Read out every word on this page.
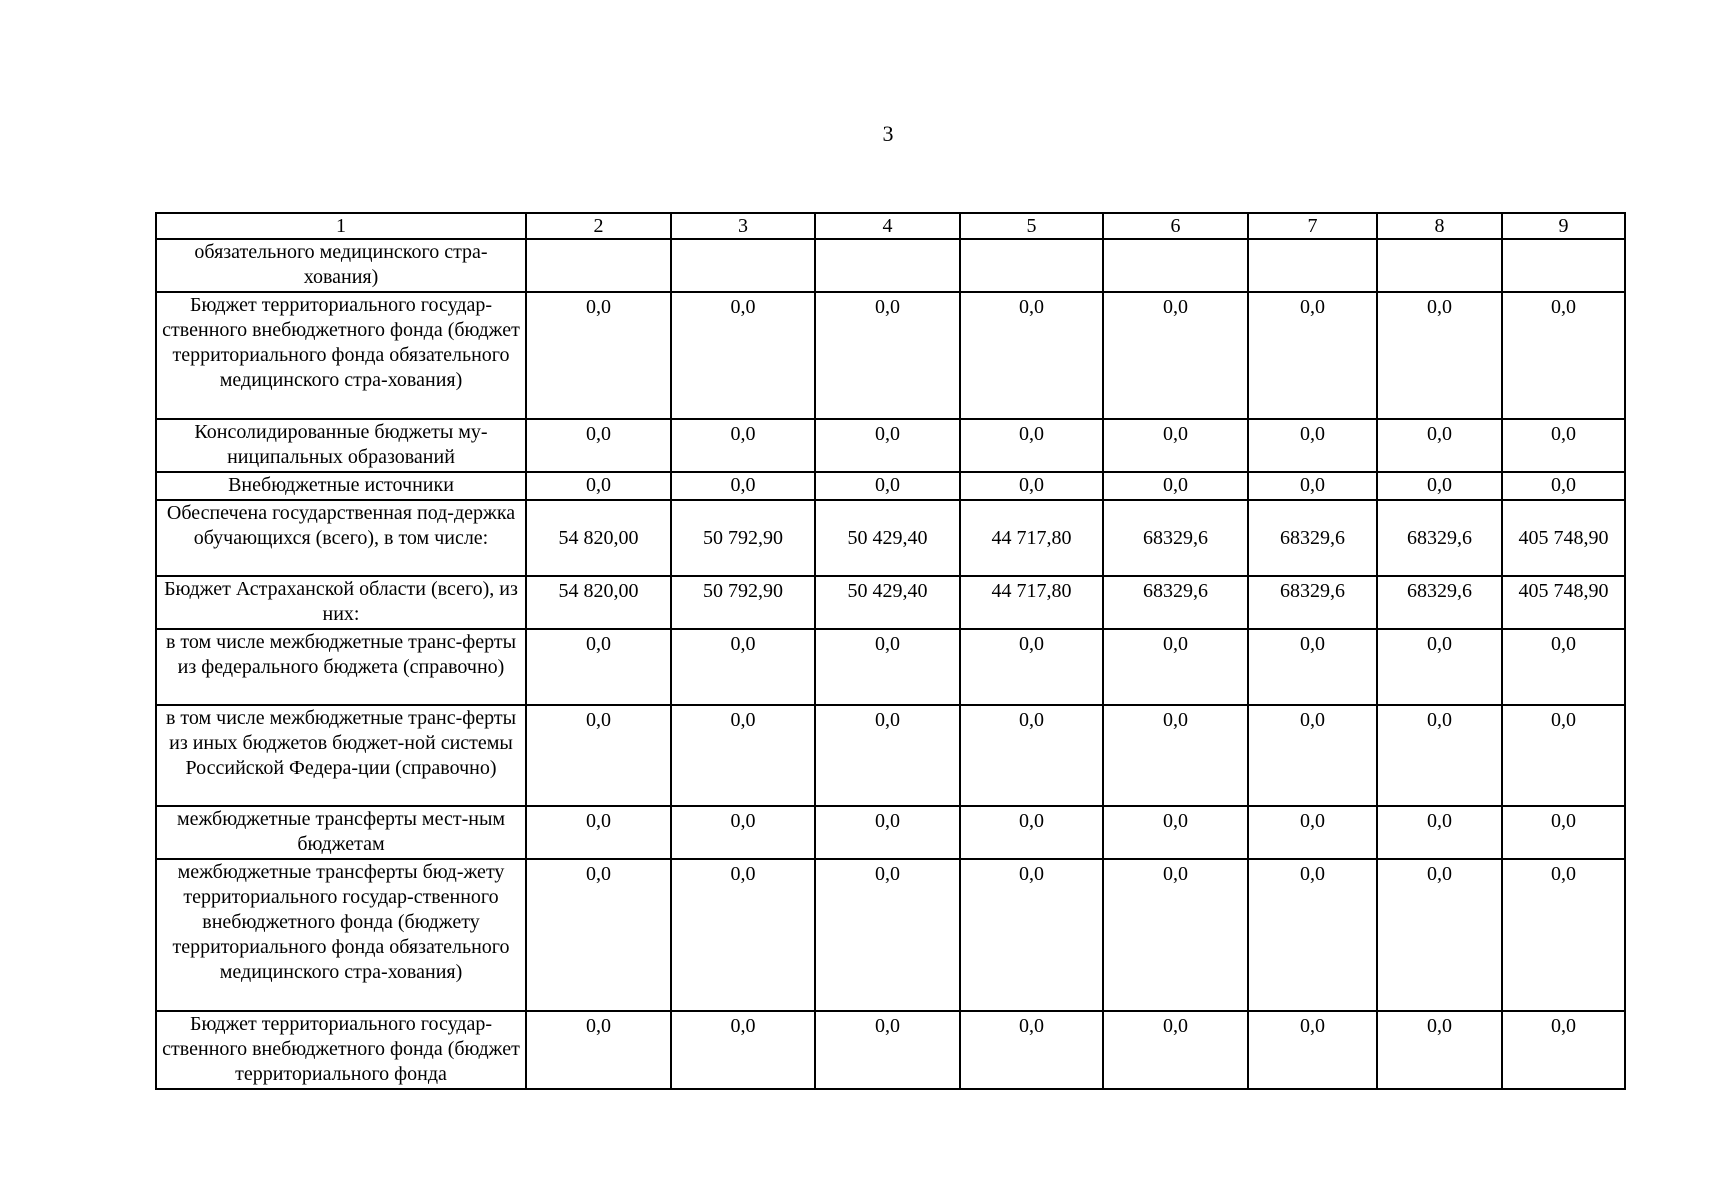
3
1	2	3	4	5	6	7	8	9
обязательного медицинского стра-хования)								
Бюджет территориального государ-ственного внебюджетного фонда (бюджет территориального фонда обязательного медицинского стра-хования)	0,0	0,0	0,0	0,0	0,0	0,0	0,0	0,0
Консолидированные бюджеты му-ниципальных образований	0,0	0,0	0,0	0,0	0,0	0,0	0,0	0,0
Внебюджетные источники	0,0	0,0	0,0	0,0	0,0	0,0	0,0	0,0
Обеспечена государственная под-держка обучающихся (всего), в том числе:	54 820,00	50 792,90	50 429,40	44 717,80	68329,6	68329,6	68329,6	405 748,90
Бюджет Астраханской области (всего), из них:	54 820,00	50 792,90	50 429,40	44 717,80	68329,6	68329,6	68329,6	405 748,90
в том числе межбюджетные транс-ферты из федерального бюджета (справочно)	0,0	0,0	0,0	0,0	0,0	0,0	0,0	0,0
в том числе межбюджетные транс-ферты из иных бюджетов бюджет-ной системы Российской Федера-ции (справочно)	0,0	0,0	0,0	0,0	0,0	0,0	0,0	0,0
межбюджетные трансферты мест-ным бюджетам	0,0	0,0	0,0	0,0	0,0	0,0	0,0	0,0
межбюджетные трансферты бюд-жету территориального государ-ственного внебюджетного фонда (бюджету территориального фонда обязательного медицинского стра-хования)	0,0	0,0	0,0	0,0	0,0	0,0	0,0	0,0
Бюджет территориального государ-ственного внебюджетного фонда (бюджет территориального фонда	0,0	0,0	0,0	0,0	0,0	0,0	0,0	0,0
